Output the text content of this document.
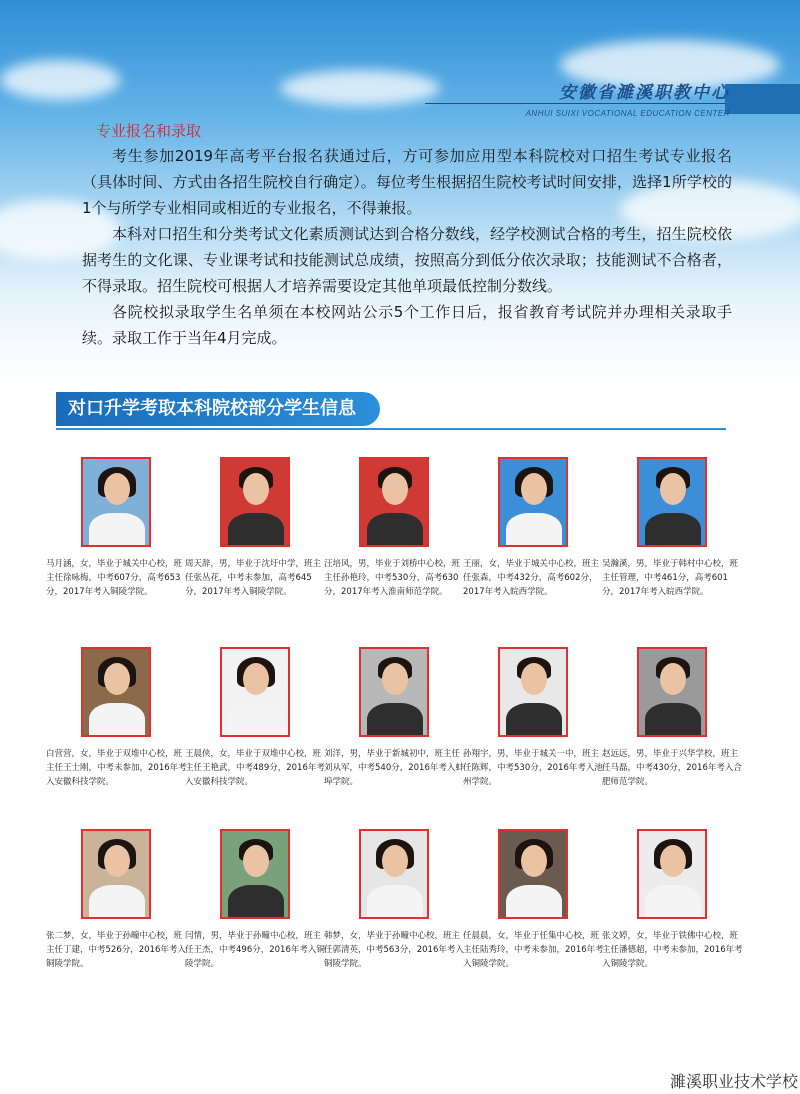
安徽省濉溪职教中心
ANHUI SUIXI VOCATIONAL EDUCATION CENTER
专业报名和录取

考生参加2019年高考平台报名获通过后，方可参加应用型本科院校对口招生考试专业报名（具体时间、方式由各招生院校自行确定）。每位考生根据招生院校考试时间安排，选择1所学校的1个与所学专业相同或相近的专业报名，不得兼报。

本科对口招生和分类考试文化素质测试达到合格分数线，经学校测试合格的考生，招生院校依据考生的文化课、专业课考试和技能测试总成绩，按照高分到低分依次录取；技能测试不合格者，不得录取。招生院校可根据人才培养需要设定其他单项最低控制分数线。

各院校拟录取学生名单须在本校网站公示5个工作日后，报省教育考试院并办理相关录取手续。录取工作于当年4月完成。

对口升学考取本科院校部分学生信息
马月涵，女，毕业于城关中心校，班主任徐咏梅，中考607分，高考653分，2017年考入铜陵学院。
周天辞，男，毕业于沈圩中学，班主任张丛花，中考未参加，高考645分，2017年考入铜陵学院。
汪培风，男，毕业于刘桥中心校，班主任孙艳玲，中考530分，高考630分，2017年考入淮南师范学院。
王丽，女，毕业于城关中心校，班主任张森，中考432分，高考602分，2017年考入皖西学院。
吴瀚溪，男，毕业于韩村中心校，班主任管理，中考461分，高考601分，2017年考入皖西学院。
白营营，女，毕业于双堆中心校，班主任王士刚，中考未参加，2016年考入安徽科技学院。
王晨侠，女，毕业于双堆中心校，班主任王艳武，中考489分，2016年考入安徽科技学院。
刘洋，男，毕业于新城初中，班主任刘从军，中考540分，2016年考入蚌埠学院。
孙翔宇，男，毕业于城关一中，班主任陈辉，中考530分，2016年考入池州学院。
赵远远，男，毕业于兴华学校，班主任马磊，中考430分，2016年考入合肥师范学院。
张二梦，女，毕业于孙疃中心校，班主任丁建，中考526分，2016年考入铜陵学院。
闫情，男，毕业于孙疃中心校，班主任王杰，中考496分，2016年考入铜陵学院。
韩梦，女，毕业于孙疃中心校，班主任郭清英，中考563分，2016年考入铜陵学院。
任晨晨，女，毕业于任集中心校，班主任陆秀玲，中考未参加，2016年考入铜陵学院。
张文婷，女，毕业于铁佛中心校，班主任潘德超，中考未参加，2016年考入铜陵学院。
濉溪职业技术学校
